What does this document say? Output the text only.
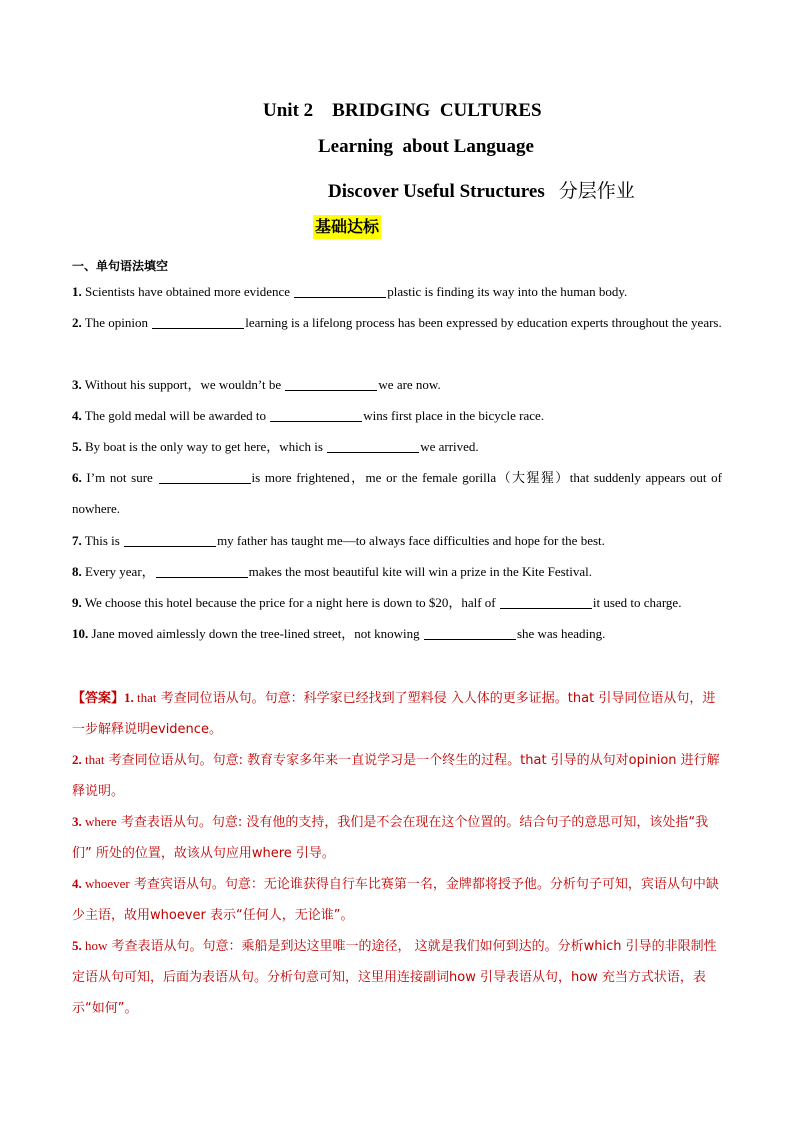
Unit 2    BRIDGING  CULTURES
Learning  about Language
Discover Useful Structures 分层作业
基础达标
一、单句语法填空
1. Scientists have obtained more evidence	plastic is finding its way into the human body.
2. The opinion	learning is a lifelong process has been expressed by education experts throughout the years.
3. Without his support，we wouldn’t be	we are now.
4. The gold medal will be awarded to	wins first place in the bicycle race.
5. By boat is the only way to get here，which is	we arrived.
6. I’m not sure	is more frightened，me or the female gorilla（大猩猩）that suddenly appears out of nowhere.
7. This is	my father has taught me—to always face difficulties and hope for the best.
8. Every year，	makes the most beautiful kite will win a prize in the Kite Festival.
9. We choose this hotel because the price for a night here is down to $20，half of	it used to charge.
10. Jane moved aimlessly down the tree-lined street，not knowing	she was heading.
【答案】1. that 考查同位语从句。句意：科学家已经找到了塑料侵 入人体的更多证据。that 引导同位语从句，进一步解释说明evidence。
2. that 考查同位语从句。句意: 教育专家多年来一直说学习是一个终生的过程。that 引导的从句对opinion 进行解释说明。
3. where 考查表语从句。句意: 没有他的支持，我们是不会在现在这个位置的。结合句子的意思可知，该处指“我们” 所处的位置，故该从句应用where 引导。
4. whoever 考查宾语从句。句意：无论谁获得自行车比赛第一名，金牌都将授予他。分析句子可知，宾语从句中缺少主语，故用whoever 表示“任何人，无论谁”。
5. how 考查表语从句。句意：乘船是到达这里唯一的途径， 这就是我们如何到达的。分析which 引导的非限制性定语从句可知，后面为表语从句。分析句意可知，这里用连接副词how 引导表语从句，how 充当方式状语，表示“如何”。
